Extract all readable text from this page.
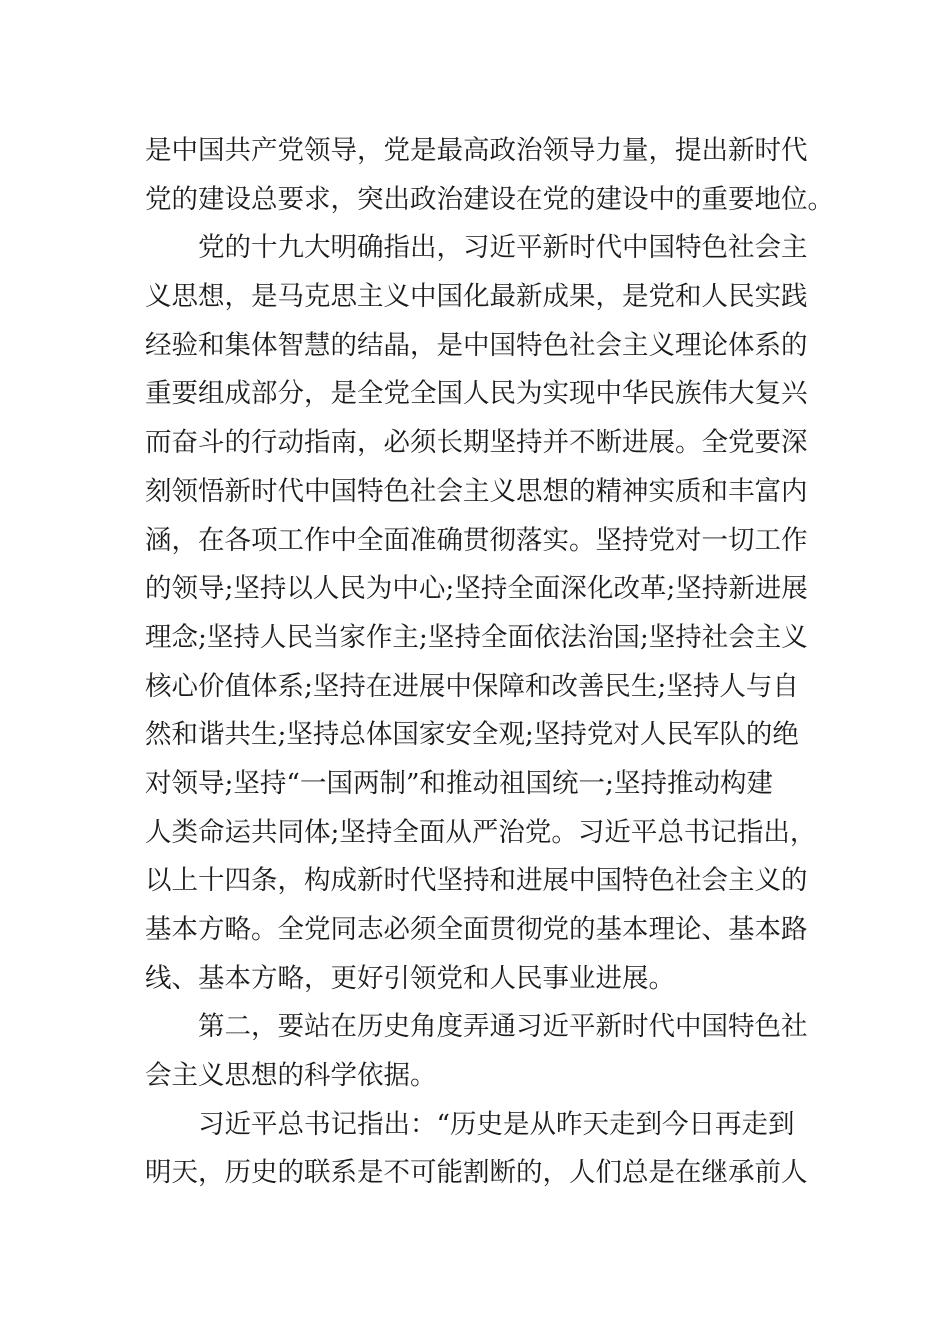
是中国共产党领导，党是最高政治领导力量，提出新时代
党的建设总要求，突出政治建设在党的建设中的重要地位。
党的十九大明确指出，习近平新时代中国特色社会主
义思想，是马克思主义中国化最新成果，是党和人民实践
经验和集体智慧的结晶，是中国特色社会主义理论体系的
重要组成部分，是全党全国人民为实现中华民族伟大复兴
而奋斗的行动指南，必须长期坚持并不断进展。全党要深
刻领悟新时代中国特色社会主义思想的精神实质和丰富内
涵，在各项工作中全面准确贯彻落实。坚持党对一切工作
的领导;坚持以人民为中心;坚持全面深化改革;坚持新进展
理念;坚持人民当家作主;坚持全面依法治国;坚持社会主义
核心价值体系;坚持在进展中保障和改善民生;坚持人与自
然和谐共生;坚持总体国家安全观;坚持党对人民军队的绝
对领导;坚持“一国两制”和推动祖国统一;坚持推动构建
人类命运共同体;坚持全面从严治党。习近平总书记指出，
以上十四条，构成新时代坚持和进展中国特色社会主义的
基本方略。全党同志必须全面贯彻党的基本理论、基本路
线、基本方略，更好引领党和人民事业进展。
第二，要站在历史角度弄通习近平新时代中国特色社
会主义思想的科学依据。
习近平总书记指出：“历史是从昨天走到今日再走到
明天，历史的联系是不可能割断的，人们总是在继承前人
